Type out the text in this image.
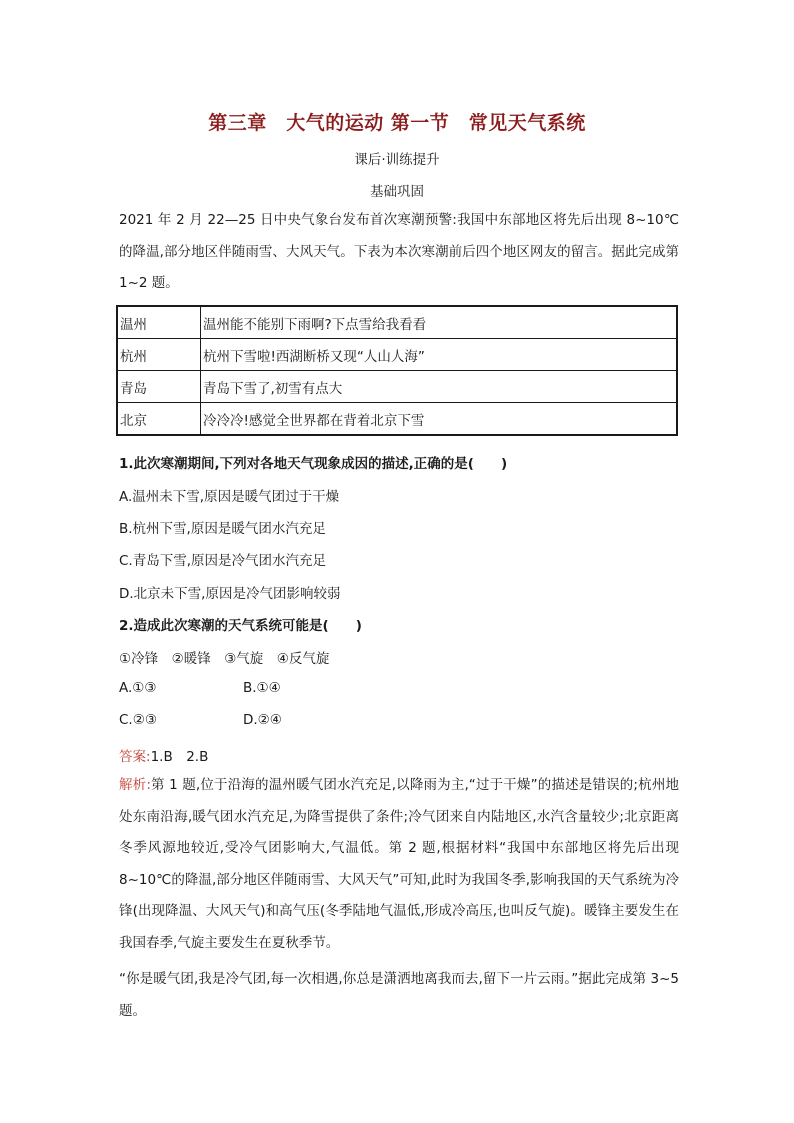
第三章　大气的运动 第一节　常见天气系统
课后·训练提升
基础巩固
2021 年 2 月 22—25 日中央气象台发布首次寒潮预警:我国中东部地区将先后出现 8~10℃的降温,部分地区伴随雨雪、大风天气。下表为本次寒潮前后四个地区网友的留言。据此完成第 1~2 题。
温州	温州能不能别下雨啊?下点雪给我看看
杭州	杭州下雪啦!西湖断桥又现“人山人海”
青岛	青岛下雪了,初雪有点大
北京	冷冷冷!感觉全世界都在背着北京下雪
1.此次寒潮期间,下列对各地天气现象成因的描述,正确的是(　　)
A.温州未下雪,原因是暖气团过于干燥
B.杭州下雪,原因是暖气团水汽充足
C.青岛下雪,原因是冷气团水汽充足
D.北京未下雪,原因是冷气团影响较弱
2.造成此次寒潮的天气系统可能是(　　)
①冷锋　②暖锋　③气旋　④反气旋
A.①③	B.①④
C.②③	D.②④
答案:1.B　2.B
解析:第 1 题,位于沿海的温州暖气团水汽充足,以降雨为主,“过于干燥”的描述是错误的;杭州地处东南沿海,暖气团水汽充足,为降雪提供了条件;冷气团来自内陆地区,水汽含量较少;北京距离冬季风源地较近,受冷气团影响大,气温低。第 2 题,根据材料“我国中东部地区将先后出现 8~10℃的降温,部分地区伴随雨雪、大风天气”可知,此时为我国冬季,影响我国的天气系统为冷锋(出现降温、大风天气)和高气压(冬季陆地气温低,形成冷高压,也叫反气旋)。暖锋主要发生在我国春季,气旋主要发生在夏秋季节。
“你是暖气团,我是冷气团,每一次相遇,你总是潇洒地离我而去,留下一片云雨。”据此完成第 3~5 题。
